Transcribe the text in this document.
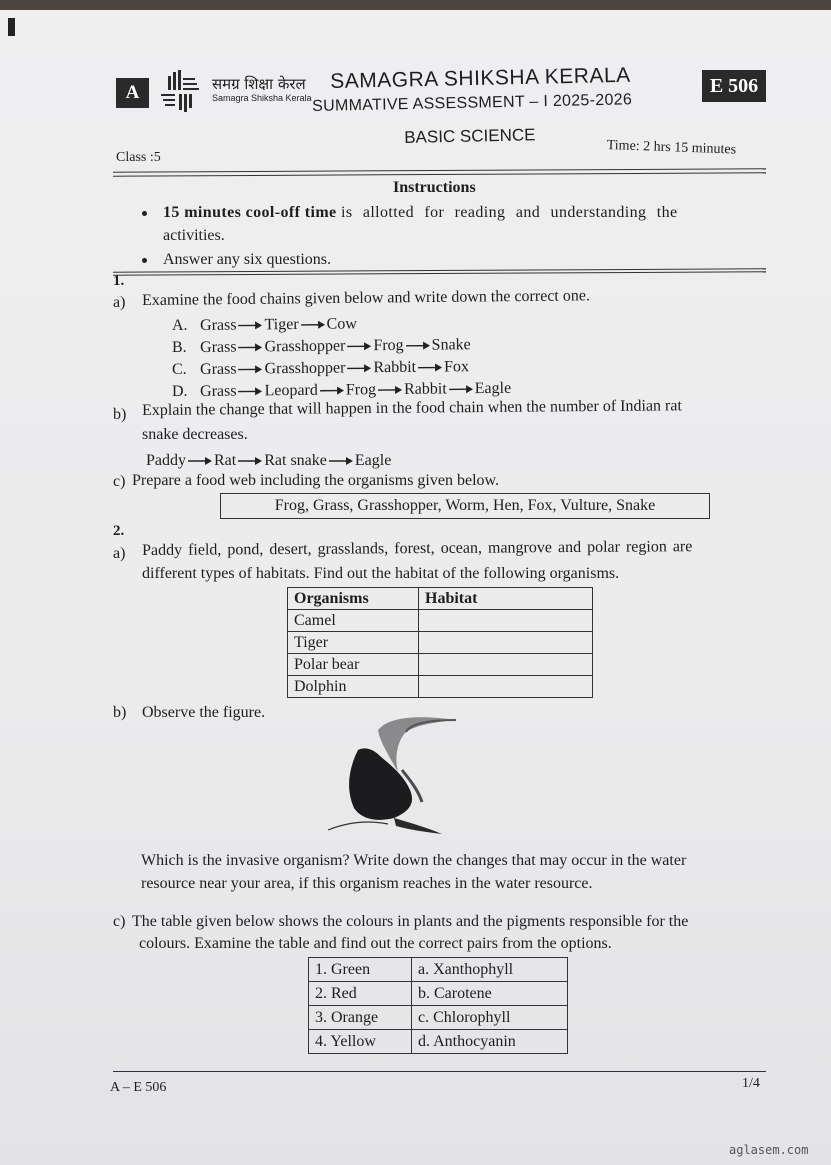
A	समग्र शिक्षा केरल
Samagra Shiksha Kerala
SAMAGRA SHIKSHA KERALA
SUMMATIVE ASSESSMENT – I 2025-2026
BASIC SCIENCE
E 506
Class :5	Time: 2 hrs 15 minutes
Instructions
15 minutes cool-off time is allotted for reading and understanding the
activities.
Answer any six questions.
1.
a) Examine the food chains given below and write down the correct one.
A. Grass Tiger Cow
B. Grass Grasshopper Frog Snake
C. Grass Grasshopper Rabbit Fox
D. Grass Leopard Frog Rabbit Eagle
b) Explain the change that will happen in the food chain when the number of Indian rat
snake decreases.
Paddy Rat Rat snake Eagle
c) Prepare a food web including the organisms given below.
Frog, Grass, Grasshopper, Worm, Hen, Fox, Vulture, Snake
2.
a) Paddy field, pond, desert, grasslands, forest, ocean, mangrove and polar region are
different types of habitats. Find out the habitat of the following organisms.
Organisms	Habitat
Camel	
Tiger	
Polar bear	
Dolphin	
b) Observe the figure.
Which is the invasive organism? Write down the changes that may occur in the water
resource near your area, if this organism reaches in the water resource.
c) The table given below shows the colours in plants and the pigments responsible for the
colours. Examine the table and find out the correct pairs from the options.
1. Green	a. Xanthophyll
2. Red	b. Carotene
3. Orange	c. Chlorophyll
4. Yellow	d. Anthocyanin
A – E 506	1/4
aglasem.com
